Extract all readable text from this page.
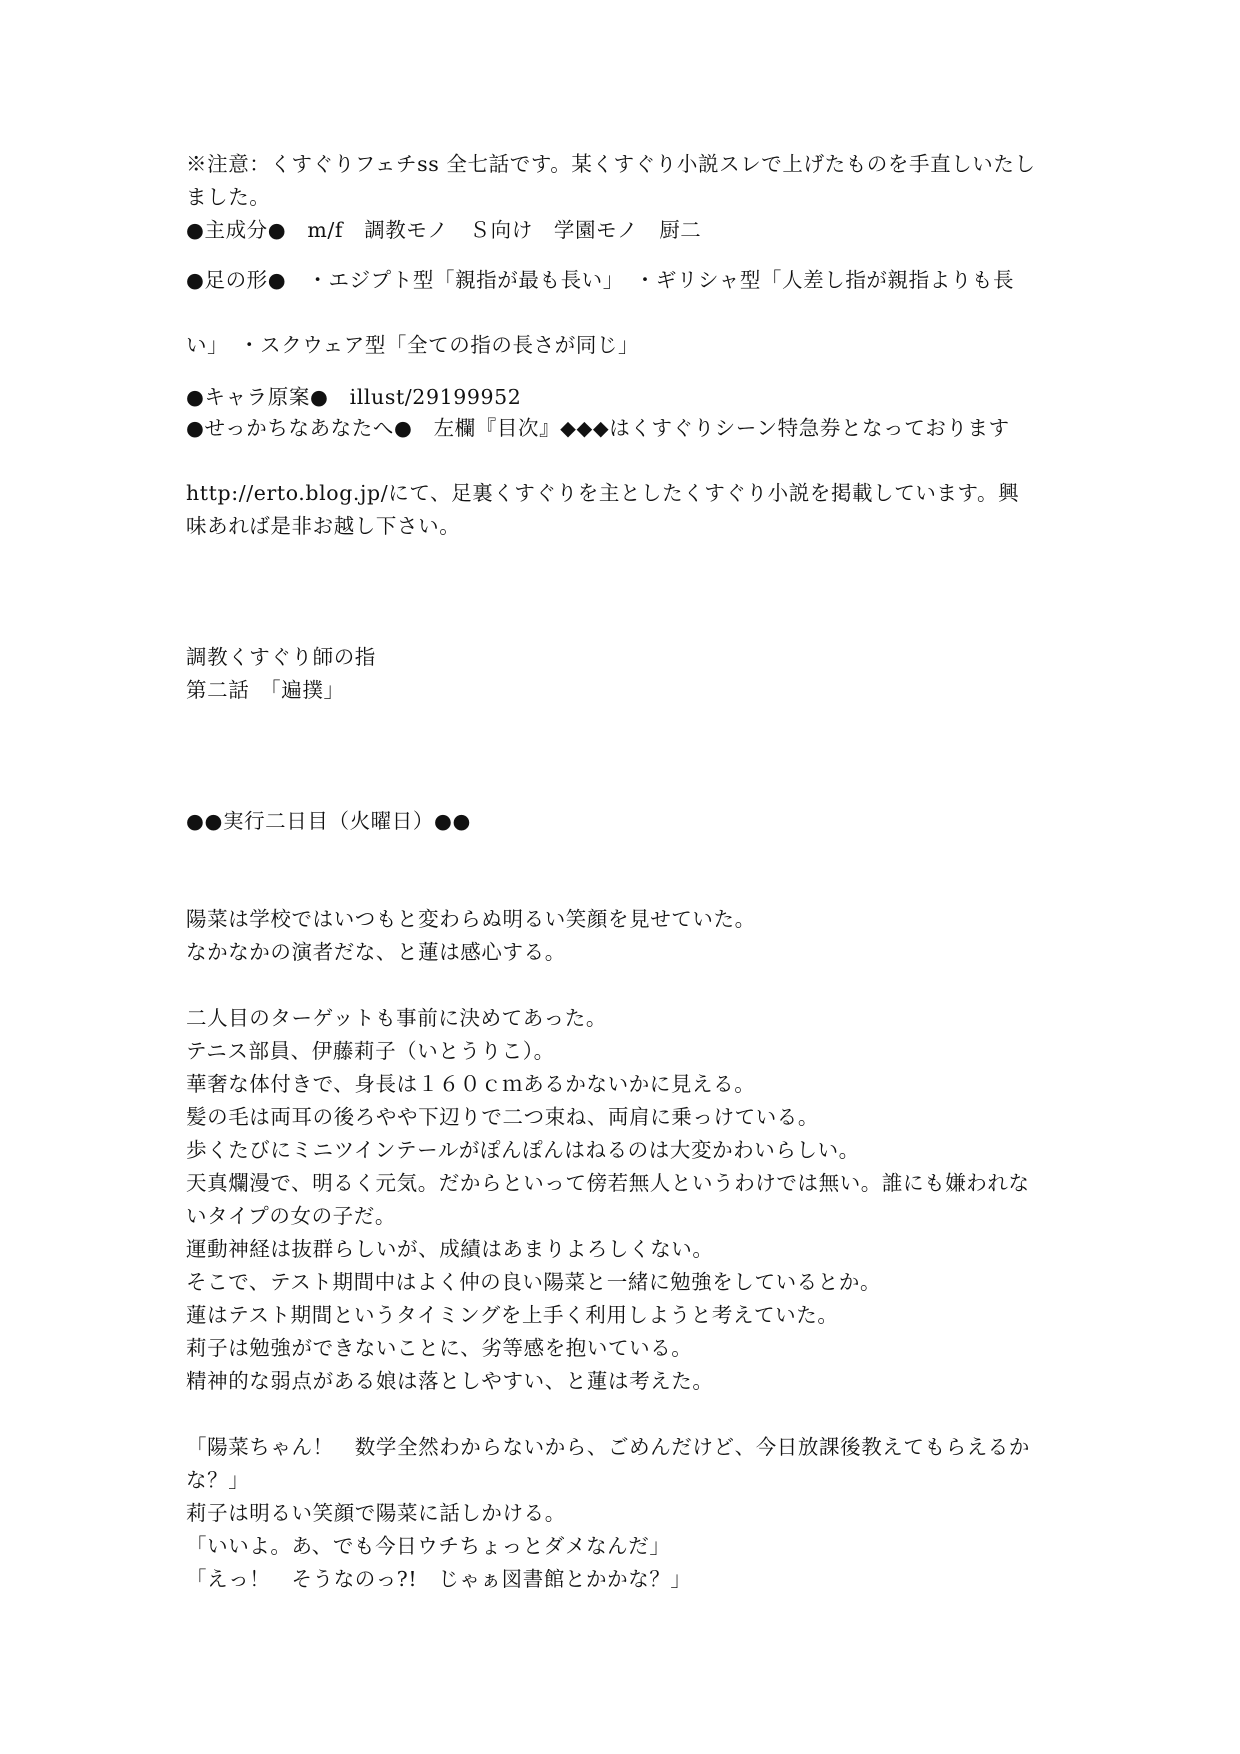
※注意：くすぐりフェチss 全七話です。某くすぐり小説スレで上げたものを手直しいたし
ました。
●主成分●　m/f　調教モノ　Ｓ向け　学園モノ　厨二
●足の形●　・エジプト型「親指が最も長い」　・ギリシャ型「人差し指が親指よりも長
い」　・スクウェア型「全ての指の長さが同じ」
●キャラ原案●　illust/29199952
●せっかちなあなたへ●　左欄『目次』◆◆◆はくすぐりシーン特急券となっております
http://erto.blog.jp/にて、足裏くすぐりを主としたくすぐり小説を掲載しています。興
味あれば是非お越し下さい。
調教くすぐり師の指
第二話　「遍撲」
●●実行二日目（火曜日）●●
陽菜は学校ではいつもと変わらぬ明るい笑顔を見せていた。
なかなかの演者だな、と蓮は感心する。
二人目のターゲットも事前に決めてあった。
テニス部員、伊藤莉子（いとうりこ）。
華奢な体付きで、身長は１６０ｃｍあるかないかに見える。
髪の毛は両耳の後ろやや下辺りで二つ束ね、両肩に乗っけている。
歩くたびにミニツインテールがぽんぽんはねるのは大変かわいらしい。
天真爛漫で、明るく元気。だからといって傍若無人というわけでは無い。誰にも嫌われな
いタイプの女の子だ。
運動神経は抜群らしいが、成績はあまりよろしくない。
そこで、テスト期間中はよく仲の良い陽菜と一緒に勉強をしているとか。
蓮はテスト期間というタイミングを上手く利用しようと考えていた。
莉子は勉強ができないことに、劣等感を抱いている。
精神的な弱点がある娘は落としやすい、と蓮は考えた。
「陽菜ちゃん！　数学全然わからないから、ごめんだけど、今日放課後教えてもらえるか
な？」
莉子は明るい笑顔で陽菜に話しかける。
「いいよ。あ、でも今日ウチちょっとダメなんだ」
「えっ！　そうなのっ?!　じゃぁ図書館とかかな？」
